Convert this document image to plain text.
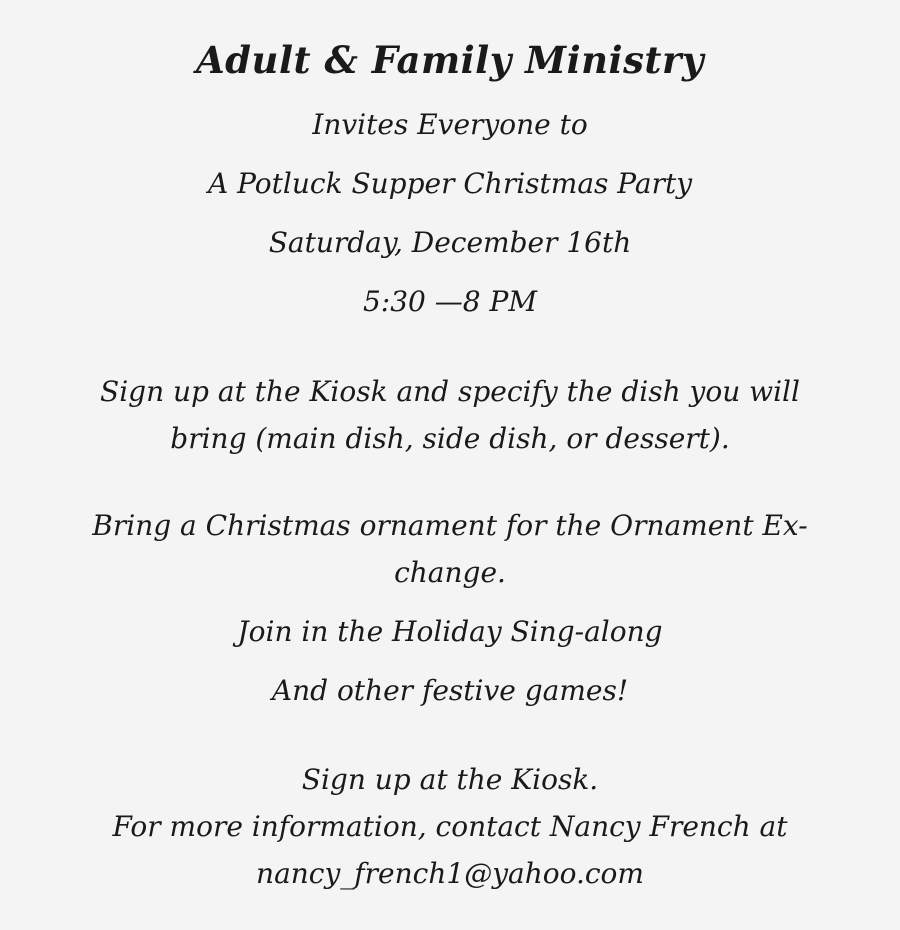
Adult & Family Ministry
Invites Everyone to
A Potluck Supper Christmas Party
Saturday, December 16th
5:30 —8 PM
Sign up at the Kiosk and specify the dish you will bring (main dish, side dish, or dessert).
Bring a Christmas ornament for the Ornament Ex-change.
Join in the Holiday Sing-along
And other festive games!
Sign up at the Kiosk.
For more information, contact Nancy French at
nancy_french1@yahoo.com
